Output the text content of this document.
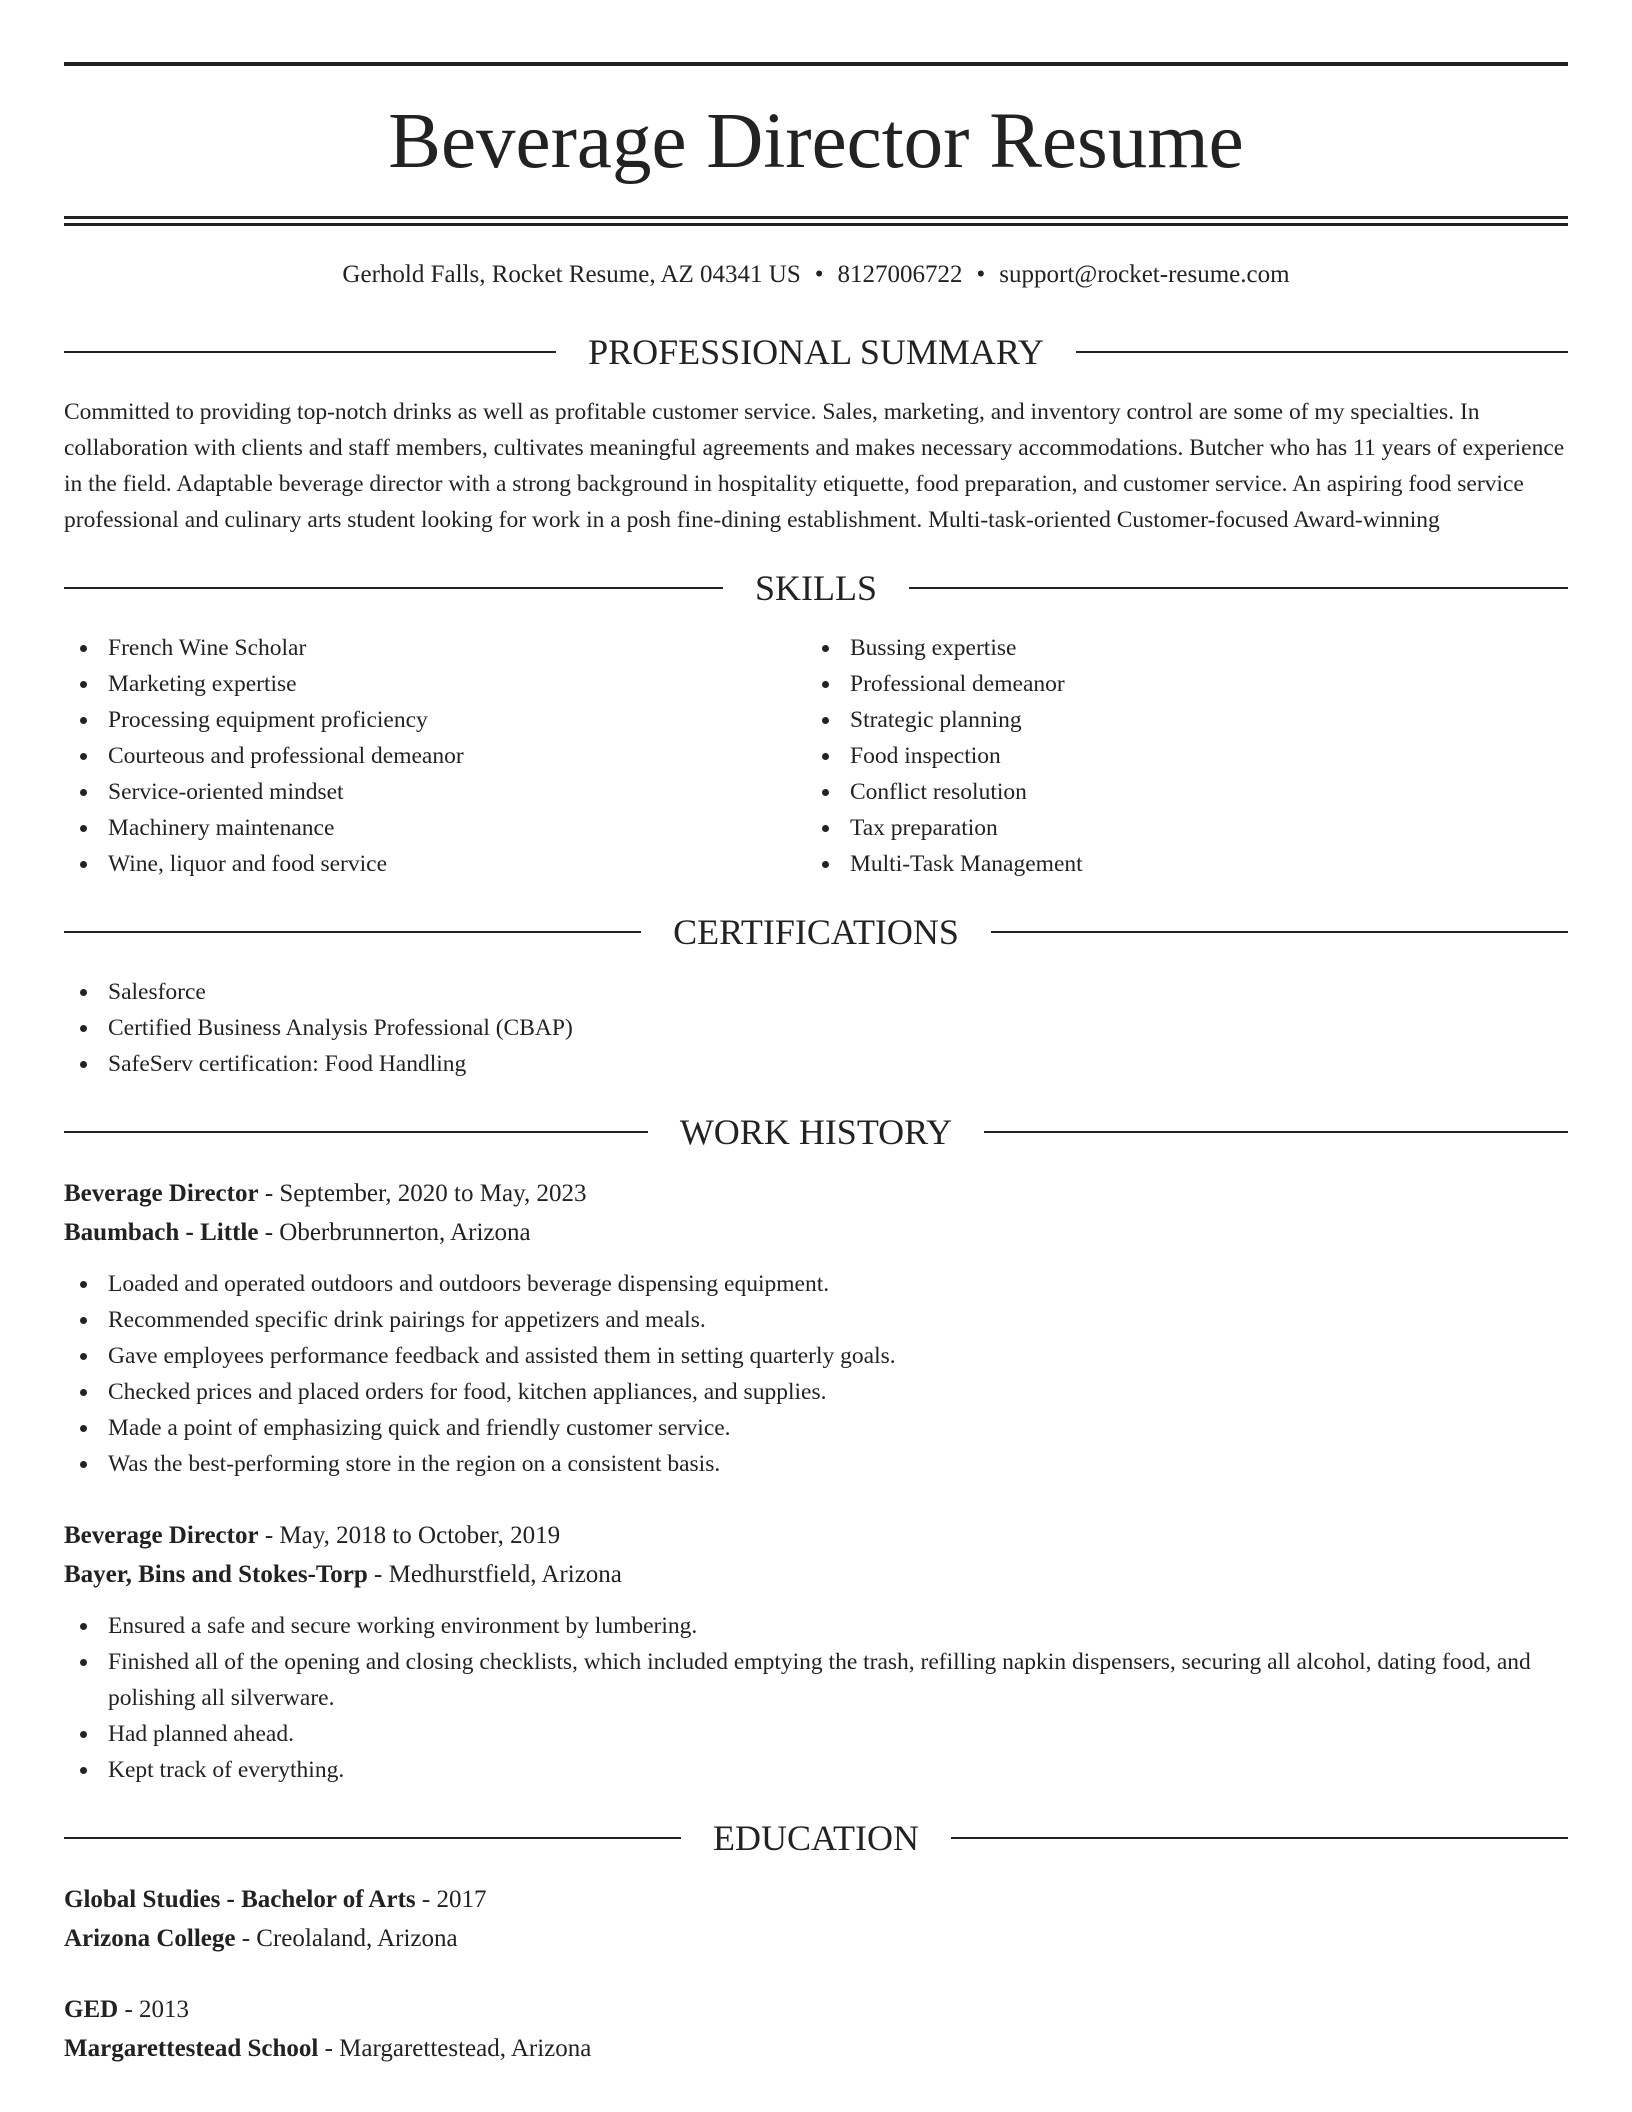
Beverage Director Resume
Gerhold Falls, Rocket Resume, AZ 04341 US • 8127006722 • support@rocket-resume.com
PROFESSIONAL SUMMARY
Committed to providing top-notch drinks as well as profitable customer service. Sales, marketing, and inventory control are some of my specialties. In collaboration with clients and staff members, cultivates meaningful agreements and makes necessary accommodations. Butcher who has 11 years of experience in the field. Adaptable beverage director with a strong background in hospitality etiquette, food preparation, and customer service. An aspiring food service professional and culinary arts student looking for work in a posh fine-dining establishment. Multi-task-oriented Customer-focused Award-winning
SKILLS
French Wine Scholar
Marketing expertise
Processing equipment proficiency
Courteous and professional demeanor
Service-oriented mindset
Machinery maintenance
Wine, liquor and food service
Bussing expertise
Professional demeanor
Strategic planning
Food inspection
Conflict resolution
Tax preparation
Multi-Task Management
CERTIFICATIONS
Salesforce
Certified Business Analysis Professional (CBAP)
SafeServ certification: Food Handling
WORK HISTORY
Beverage Director - September, 2020 to May, 2023
Baumbach - Little - Oberbrunnerton, Arizona
Loaded and operated outdoors and outdoors beverage dispensing equipment.
Recommended specific drink pairings for appetizers and meals.
Gave employees performance feedback and assisted them in setting quarterly goals.
Checked prices and placed orders for food, kitchen appliances, and supplies.
Made a point of emphasizing quick and friendly customer service.
Was the best-performing store in the region on a consistent basis.
Beverage Director - May, 2018 to October, 2019
Bayer, Bins and Stokes-Torp - Medhurstfield, Arizona
Ensured a safe and secure working environment by lumbering.
Finished all of the opening and closing checklists, which included emptying the trash, refilling napkin dispensers, securing all alcohol, dating food, and polishing all silverware.
Had planned ahead.
Kept track of everything.
EDUCATION
Global Studies - Bachelor of Arts - 2017
Arizona College - Creolaland, Arizona
GED - 2013
Margarettestead School - Margarettestead, Arizona
